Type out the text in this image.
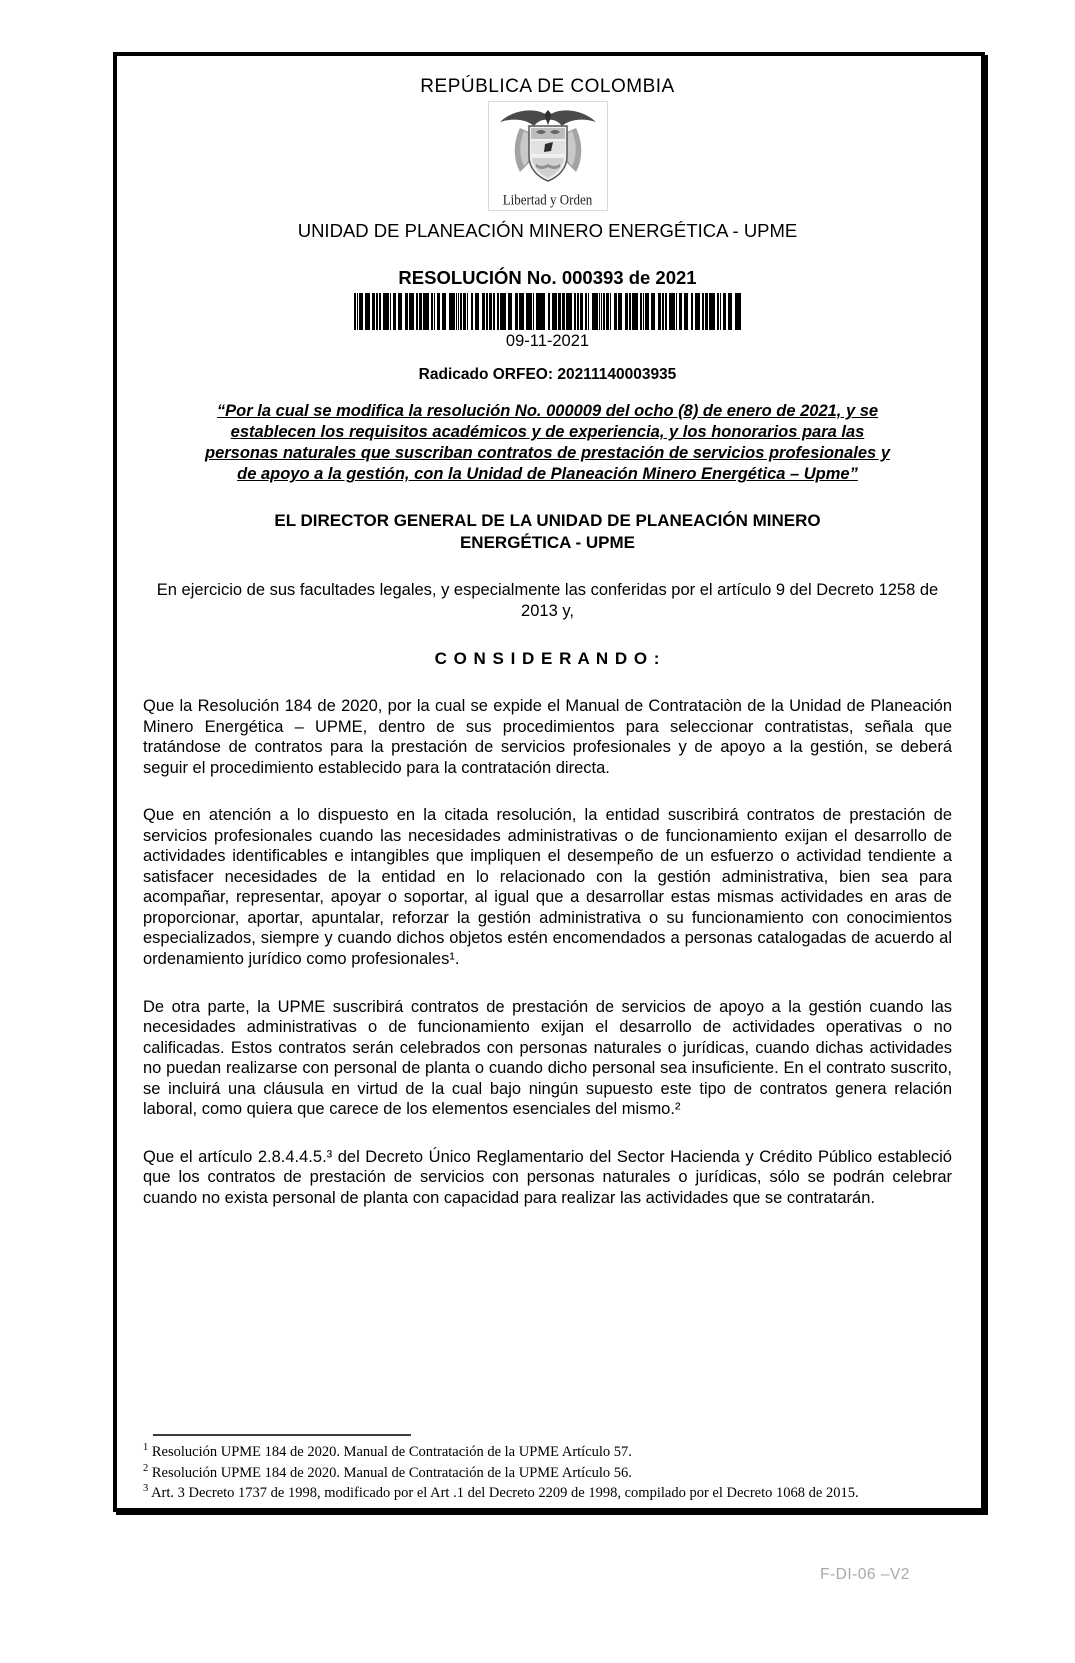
REPÚBLICA DE COLOMBIA
Libertad y Orden
UNIDAD DE PLANEACIÓN MINERO ENERGÉTICA - UPME
RESOLUCIÓN No. 000393 de 2021
09-11-2021
Radicado ORFEO: 20211140003935
“Por la cual se modifica la resolución No. 000009 del ocho (8) de enero de 2021, y se establecen los requisitos académicos y de experiencia, y los honorarios para las personas naturales que suscriban contratos de prestación de servicios profesionales y de apoyo a la gestión, con la Unidad de Planeación Minero Energética – Upme”
EL DIRECTOR GENERAL DE LA UNIDAD DE PLANEACIÓN MINERO ENERGÉTICA - UPME
En ejercicio de sus facultades legales, y especialmente las conferidas por el artículo 9 del Decreto 1258 de 2013 y,
C O N S I D E R A N D O :
Que la Resolución 184 de 2020, por la cual se expide el Manual de Contrataciòn de la Unidad de Planeación Minero Energética – UPME, dentro de sus procedimientos para seleccionar contratistas, señala que tratándose de contratos para la prestación de servicios profesionales y de apoyo a la gestión, se deberá seguir el procedimiento establecido para la contratación directa.
Que en atención a lo dispuesto en la citada resolución, la entidad suscribirá contratos de prestación de servicios profesionales cuando las necesidades administrativas o de funcionamiento exijan el desarrollo de actividades identificables e intangibles que impliquen el desempeño de un esfuerzo o actividad tendiente a satisfacer necesidades de la entidad en lo relacionado con la gestión administrativa, bien sea para acompañar, representar, apoyar o soportar, al igual que a desarrollar estas mismas actividades en aras de proporcionar, aportar, apuntalar, reforzar la gestión administrativa o su funcionamiento con conocimientos especializados, siempre y cuando dichos objetos estén encomendados a personas catalogadas de acuerdo al ordenamiento jurídico como profesionales¹.
De otra parte, la UPME suscribirá contratos de prestación de servicios de apoyo a la gestión cuando las necesidades administrativas o de funcionamiento exijan el desarrollo de actividades operativas o no calificadas. Estos contratos serán celebrados con personas naturales o jurídicas, cuando dichas actividades no puedan realizarse con personal de planta o cuando dicho personal sea insuficiente. En el contrato suscrito, se incluirá una cláusula en virtud de la cual bajo ningún supuesto este tipo de contratos genera relación laboral, como quiera que carece de los elementos esenciales del mismo.²
Que el artículo 2.8.4.4.5.³ del Decreto Único Reglamentario del Sector Hacienda y Crédito Público estableció que los contratos de prestación de servicios con personas naturales o jurídicas, sólo se podrán celebrar cuando no exista personal de planta con capacidad para realizar las actividades que se contratarán.
$^1$ Resolución UPME 184 de 2020. Manual de Contratación de la UPME Artículo 57.
$^2$ Resolución UPME 184 de 2020. Manual de Contratación de la UPME Artículo 56.
$^3$ Art. 3 Decreto 1737 de 1998, modificado por el Art .1 del Decreto 2209 de 1998, compilado por el Decreto 1068 de 2015.
F-DI-06 –V2
